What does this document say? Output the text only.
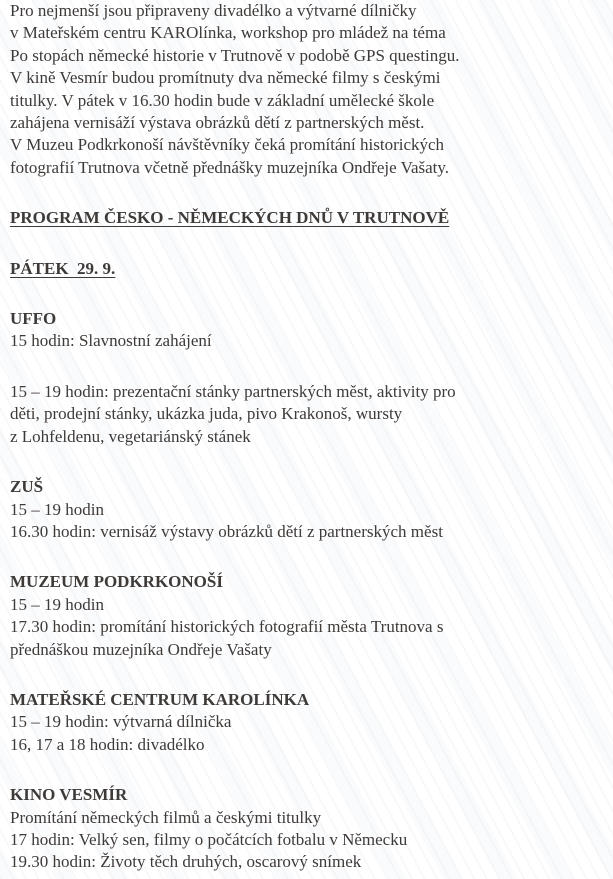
Pro nejmenší jsou připraveny divadélko a výtvarné dílničky
v Mateřském centru KAROlínka, workshop pro mládež na téma
Po stopách německé historie v Trutnově v podobě GPS questingu.
V kině Vesmír budou promítnuty dva německé filmy s českými
titulky. V pátek v 16.30 hodin bude v základní umělecké škole
zahájena vernisáží výstava obrázků dětí z partnerských měst.
V Muzeu Podkrkonoší návštěvníky čeká promítání historických
fotografií Trutnova včetně přednášky muzejníka Ondřeje Vašaty.
PROGRAM ČESKO - NĚMECKÝCH DNŮ V TRUTNOVĚ
PÁTEK  29. 9.
UFFO
15 hodin: Slavnostní zahájení
15 – 19 hodin: prezentační stánky partnerských měst, aktivity pro
děti, prodejní stánky, ukázka juda, pivo Krakonoš, wursty
z Lohfeldenu, vegetariánský stánek
ZUŠ
15 – 19 hodin
16.30 hodin: vernisáž výstavy obrázků dětí z partnerských měst
MUZEUM PODKRKONOŠÍ
15 – 19 hodin
17.30 hodin: promítání historických fotografií města Trutnova s
přednáškou muzejníka Ondřeje Vašaty
MATEŘSKÉ CENTRUM KAROLÍNKA
15 – 19 hodin: výtvarná dílnička
16, 17 a 18 hodin: divadélko
KINO VESMÍR
Promítání německých filmů a českými titulky
17 hodin: Velký sen, filmy o počátcích fotbalu v Německu
19.30 hodin: Životy těch druhých, oscarový snímek
